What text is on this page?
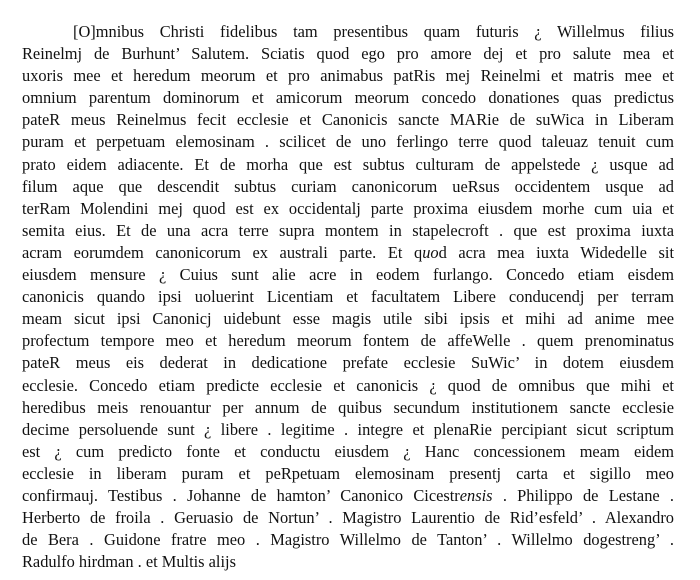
[O]mnibus Christi fidelibus tam presentibus quam futuris ¿ Willelmus filius
Reinelmj de Burhunt’ Salutem. Sciatis quod ego pro amore dej et pro salute mea et
uxoris mee et heredum meorum et pro animabus patRis mej Reinelmi et matris mee et
omnium parentum dominorum et amicorum meorum concedo donationes quas predictus
pateR meus Reinelmus fecit ecclesie et Canonicis sancte MARie de suWica in Liberam
puram et perpetuam elemosinam . scilicet de uno ferlingo terre quod taleuaz tenuit cum
prato eidem adiacente. Et de morha que est subtus culturam de appelstede ¿ usque ad
filum aque que descendit subtus curiam canonicorum ueRsus occidentem usque ad
terRam Molendini mej quod est ex occidentalj parte proxima eiusdem morhe cum uia et
semita eius. Et de una acra terre supra montem in stapelecroft . que est proxima iuxta
acram eorumdem canonicorum ex australi parte. Et quod acra mea iuxta Widedelle sit
eiusdem mensure ¿ Cuius sunt alie acre in eodem furlango. Concedo etiam eisdem
canonicis quando ipsi uoluerint Licentiam et facultatem Libere conducendj per terram
meam sicut ipsi Canonicj uidebunt esse magis utile sibi ipsis et mihi ad anime mee
profectum tempore meo et heredum meorum fontem de affeWelle . quem prenominatus
pateR meus eis dederat in dedicatione prefate ecclesie SuWic’ in dotem eiusdem
ecclesie. Concedo etiam predicte ecclesie et canonicis ¿ quod de omnibus que mihi et
heredibus meis renouantur per annum de quibus secundum institutionem sancte ecclesie
decime persoluende sunt ¿ libere . legitime . integre et plenaRie percipiant sicut scriptum
est ¿ cum predicto fonte et conductu eiusdem ¿ Hanc concessionem meam eidem
ecclesie in liberam puram et peRpetuam elemosinam presentj carta et sigillo meo
confirmauj. Testibus . Johanne de hamton’ Canonico Cicestrensis . Philippo de Lestane .
Herberto de froila . Geruasio de Nortun’ . Magistro Laurentio de Rid’esfeld’ . Alexandro
de Bera . Guidone fratre meo . Magistro Willelmo de Tanton’ . Willelmo dogestreng’ .
Radulfo hirdman . et Multis alijs
